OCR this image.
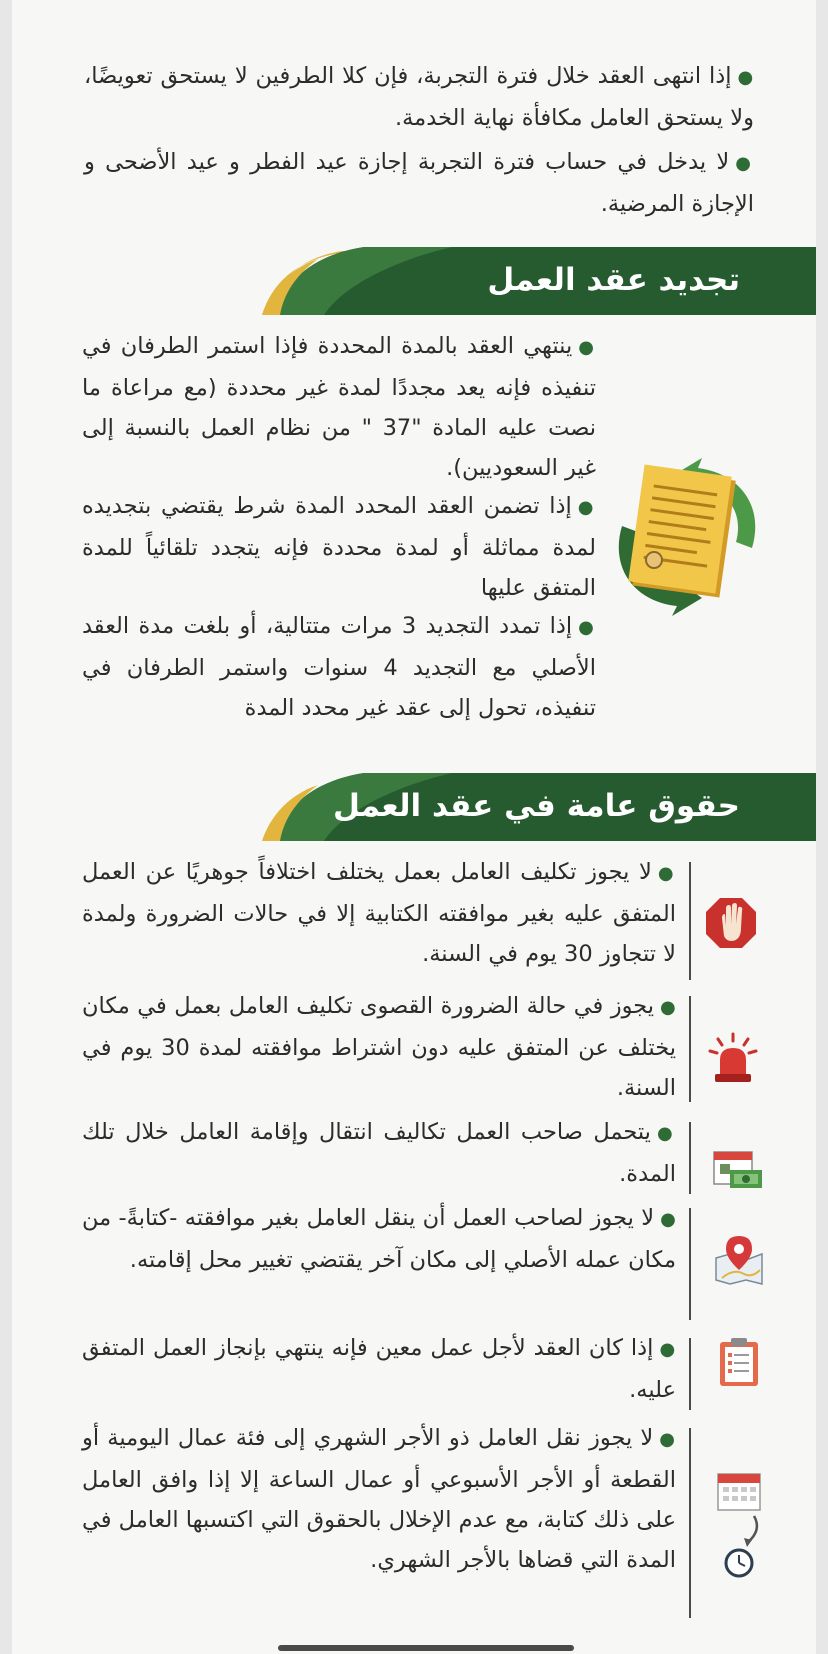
●إذا انتهى العقد خلال فترة التجربة، فإن كلا الطرفين لا يستحق تعويضًا، ولا يستحق العامل مكافأة نهاية الخدمة.

●لا يدخل في حساب فترة التجربة إجازة عيد الفطر و عيد الأضحى و الإجازة المرضية.

تجديد عقد العمل

●ينتهي العقد بالمدة المحددة فإذا استمر الطرفان في تنفيذه فإنه يعد مجددًا لمدة غير محددة (مع مراعاة ما نصت عليه المادة "37 " من نظام العمل بالنسبة إلى غير السعوديين).

●إذا تضمن العقد المحدد المدة شرط يقتضي بتجديده لمدة مماثلة أو لمدة محددة فإنه يتجدد تلقائياً للمدة المتفق عليها

●إذا تمدد التجديد 3 مرات متتالية، أو بلغت مدة العقد الأصلي مع التجديد 4 سنوات واستمر الطرفان في تنفيذه، تحول إلى عقد غير محدد المدة

حقوق عامة في عقد العمل

●لا يجوز تكليف العامل بعمل يختلف اختلافاً جوهريًا عن العمل المتفق عليه بغير موافقته الكتابية إلا في حالات الضرورة ولمدة لا تتجاوز 30 يوم في السنة.

●يجوز في حالة الضرورة القصوى تكليف العامل بعمل في مكان يختلف عن المتفق عليه دون اشتراط موافقته لمدة 30 يوم في السنة.

●يتحمل صاحب العمل تكاليف انتقال وإقامة العامل خلال تلك المدة.

●لا يجوز لصاحب العمل أن ينقل العامل بغير موافقته -كتابةً- من مكان عمله الأصلي إلى مكان آخر يقتضي تغيير محل إقامته.

●إذا كان العقد لأجل عمل معين فإنه ينتهي بإنجاز العمل المتفق عليه.

●لا يجوز نقل العامل ذو الأجر الشهري إلى فئة عمال اليومية أو القطعة أو الأجر الأسبوعي أو عمال الساعة إلا إذا وافق العامل على ذلك كتابة، مع عدم الإخلال بالحقوق التي اكتسبها العامل في المدة التي قضاها بالأجر الشهري.
